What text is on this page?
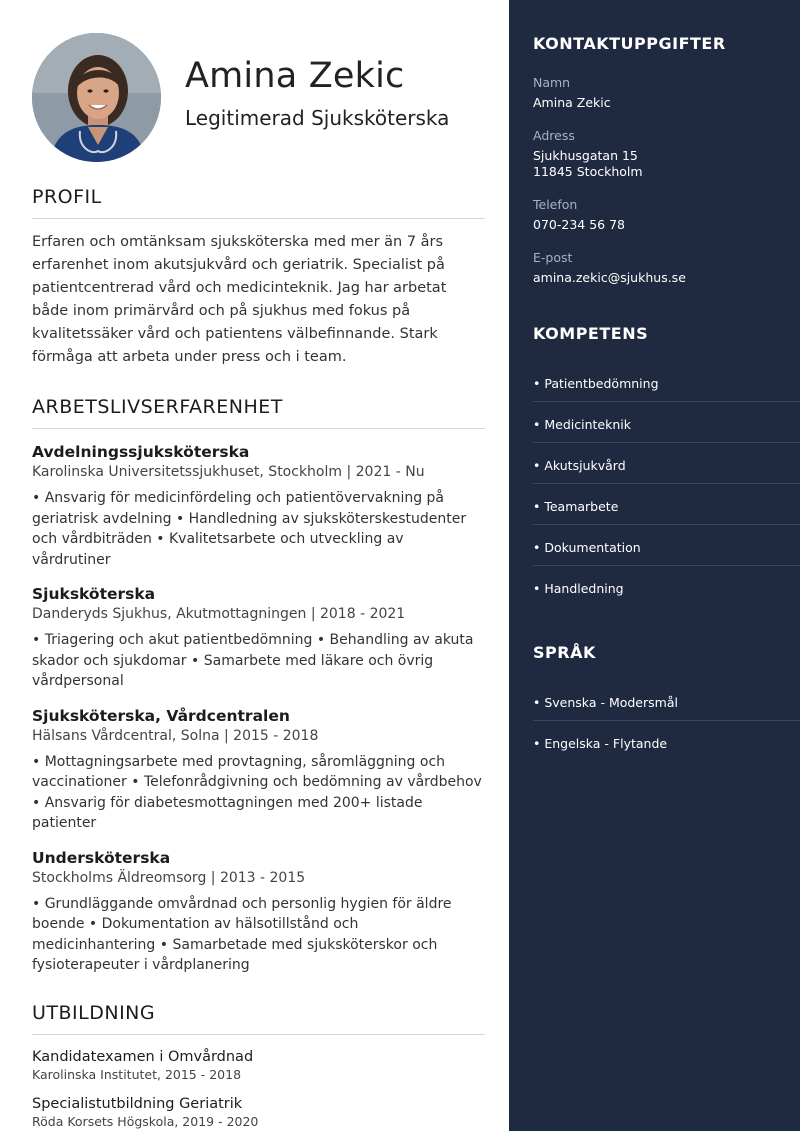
Amina Zekic
Legitimerad Sjuksköterska
PROFIL

Erfaren och omtänksam sjuksköterska med mer än 7 års erfarenhet inom akutsjukvård och geriatrik. Specialist på patientcentrerad vård och medicinteknik. Jag har arbetat både inom primärvård och på sjukhus med fokus på kvalitetssäker vård och patientens välbefinnande. Stark förmåga att arbeta under press och i team.

ARBETSLIVSERFARENHET
Avdelningssjuksköterska
Karolinska Universitetssjukhuset, Stockholm | 2021 - Nu
• Ansvarig för medicinfördeling och patientövervakning på geriatrisk avdelning • Handledning av sjuksköterskestudenter och vårdbiträden • Kvalitetsarbete och utveckling av vårdrutiner
Sjuksköterska
Danderyds Sjukhus, Akutmottagningen | 2018 - 2021
• Triagering och akut patientbedömning • Behandling av akuta skador och sjukdomar • Samarbete med läkare och övrig vårdpersonal
Sjuksköterska, Vårdcentralen
Hälsans Vårdcentral, Solna | 2015 - 2018
• Mottagningsarbete med provtagning, såromläggning och vaccinationer • Telefonrådgivning och bedömning av vårdbehov • Ansvarig för diabetesmottagningen med 200+ listade patienter
Undersköterska
Stockholms Äldreomsorg | 2013 - 2015
• Grundläggande omvårdnad och personlig hygien för äldre boende • Dokumentation av hälsotillstånd och medicinhantering • Samarbetade med sjuksköterskor och fysioterapeuter i vårdplanering
UTBILDNING
Kandidatexamen i Omvårdnad
Karolinska Institutet, 2015 - 2018
Specialistutbildning Geriatrik
Röda Korsets Högskola, 2019 - 2020
KONTAKTUPPGIFTER
Namn
Amina Zekic
Adress
Sjukhusgatan 15
11845 Stockholm
Telefon
070-234 56 78
E-post
amina.zekic@sjukhus.se
KOMPETENS
• Patientbedömning
• Medicinteknik
• Akutsjukvård
• Teamarbete
• Dokumentation
• Handledning
SPRÅK
• Svenska - Modersmål
• Engelska - Flytande
